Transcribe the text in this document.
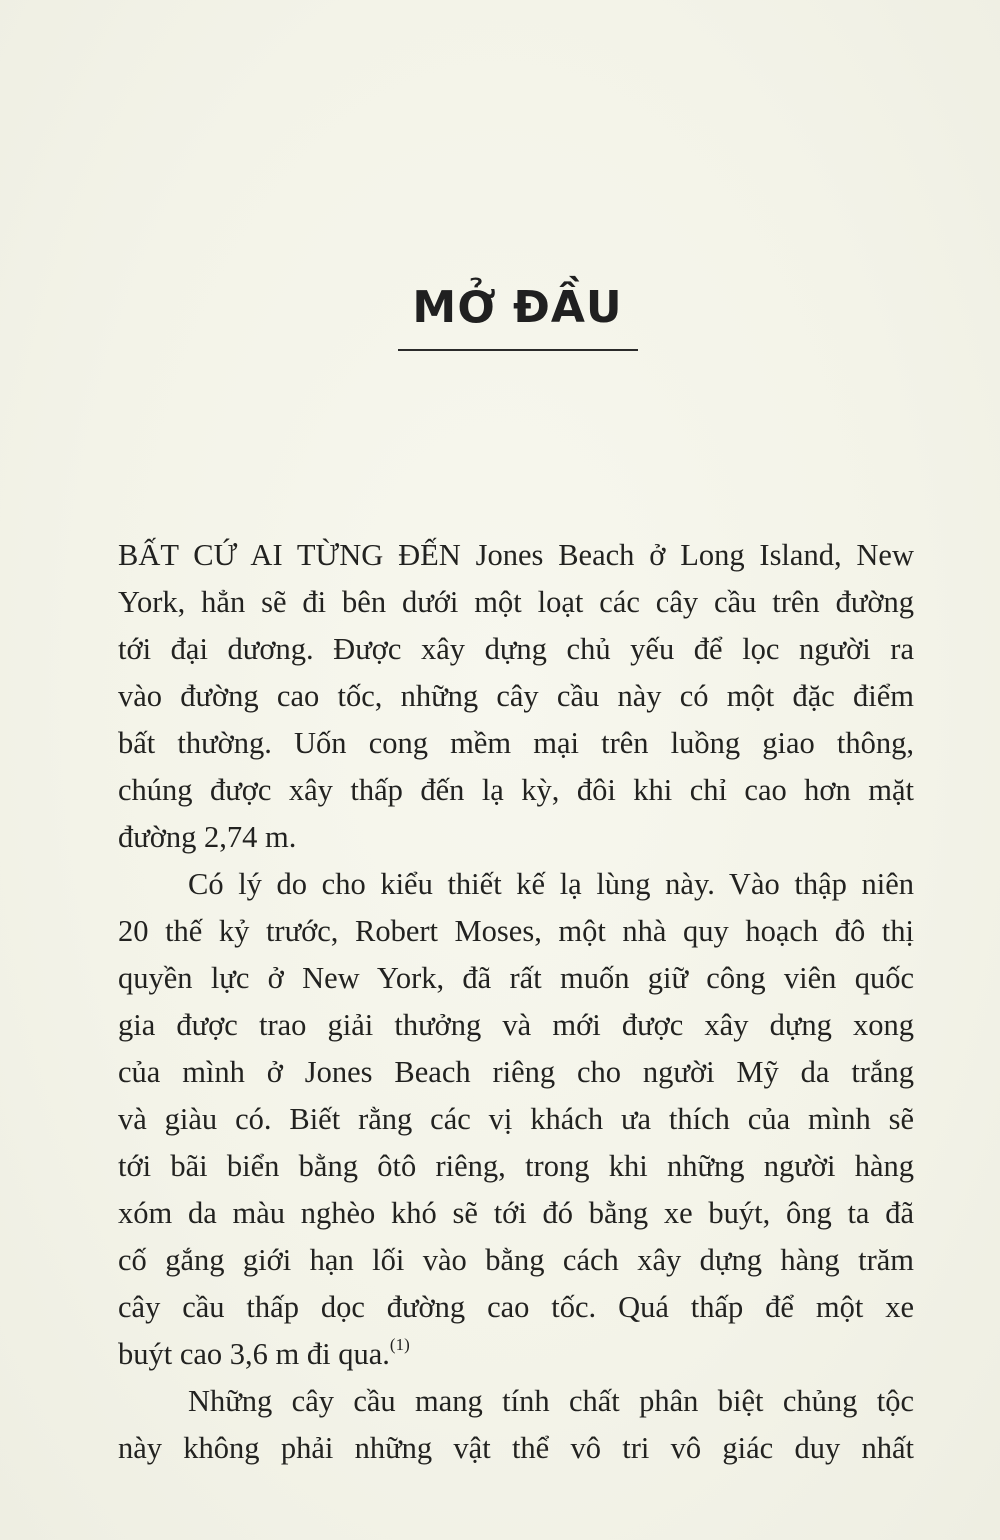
MỞ ĐẦU
BẤT CỨ AI TỪNG ĐẾN Jones Beach ở Long Island, New
York, hẳn sẽ đi bên dưới một loạt các cây cầu trên đường
tới đại dương. Được xây dựng chủ yếu để lọc người ra
vào đường cao tốc, những cây cầu này có một đặc điểm
bất thường. Uốn cong mềm mại trên luồng giao thông,
chúng được xây thấp đến lạ kỳ, đôi khi chỉ cao hơn mặt
đường 2,74 m.
Có lý do cho kiểu thiết kế lạ lùng này. Vào thập niên
20 thế kỷ trước, Robert Moses, một nhà quy hoạch đô thị
quyền lực ở New York, đã rất muốn giữ công viên quốc
gia được trao giải thưởng và mới được xây dựng xong
của mình ở Jones Beach riêng cho người Mỹ da trắng
và giàu có. Biết rằng các vị khách ưa thích của mình sẽ
tới bãi biển bằng ôtô riêng, trong khi những người hàng
xóm da màu nghèo khó sẽ tới đó bằng xe buýt, ông ta đã
cố gắng giới hạn lối vào bằng cách xây dựng hàng trăm
cây cầu thấp dọc đường cao tốc. Quá thấp để một xe
buýt cao 3,6 m đi qua.$^{(1)}$
Những cây cầu mang tính chất phân biệt chủng tộc
này không phải những vật thể vô tri vô giác duy nhất
